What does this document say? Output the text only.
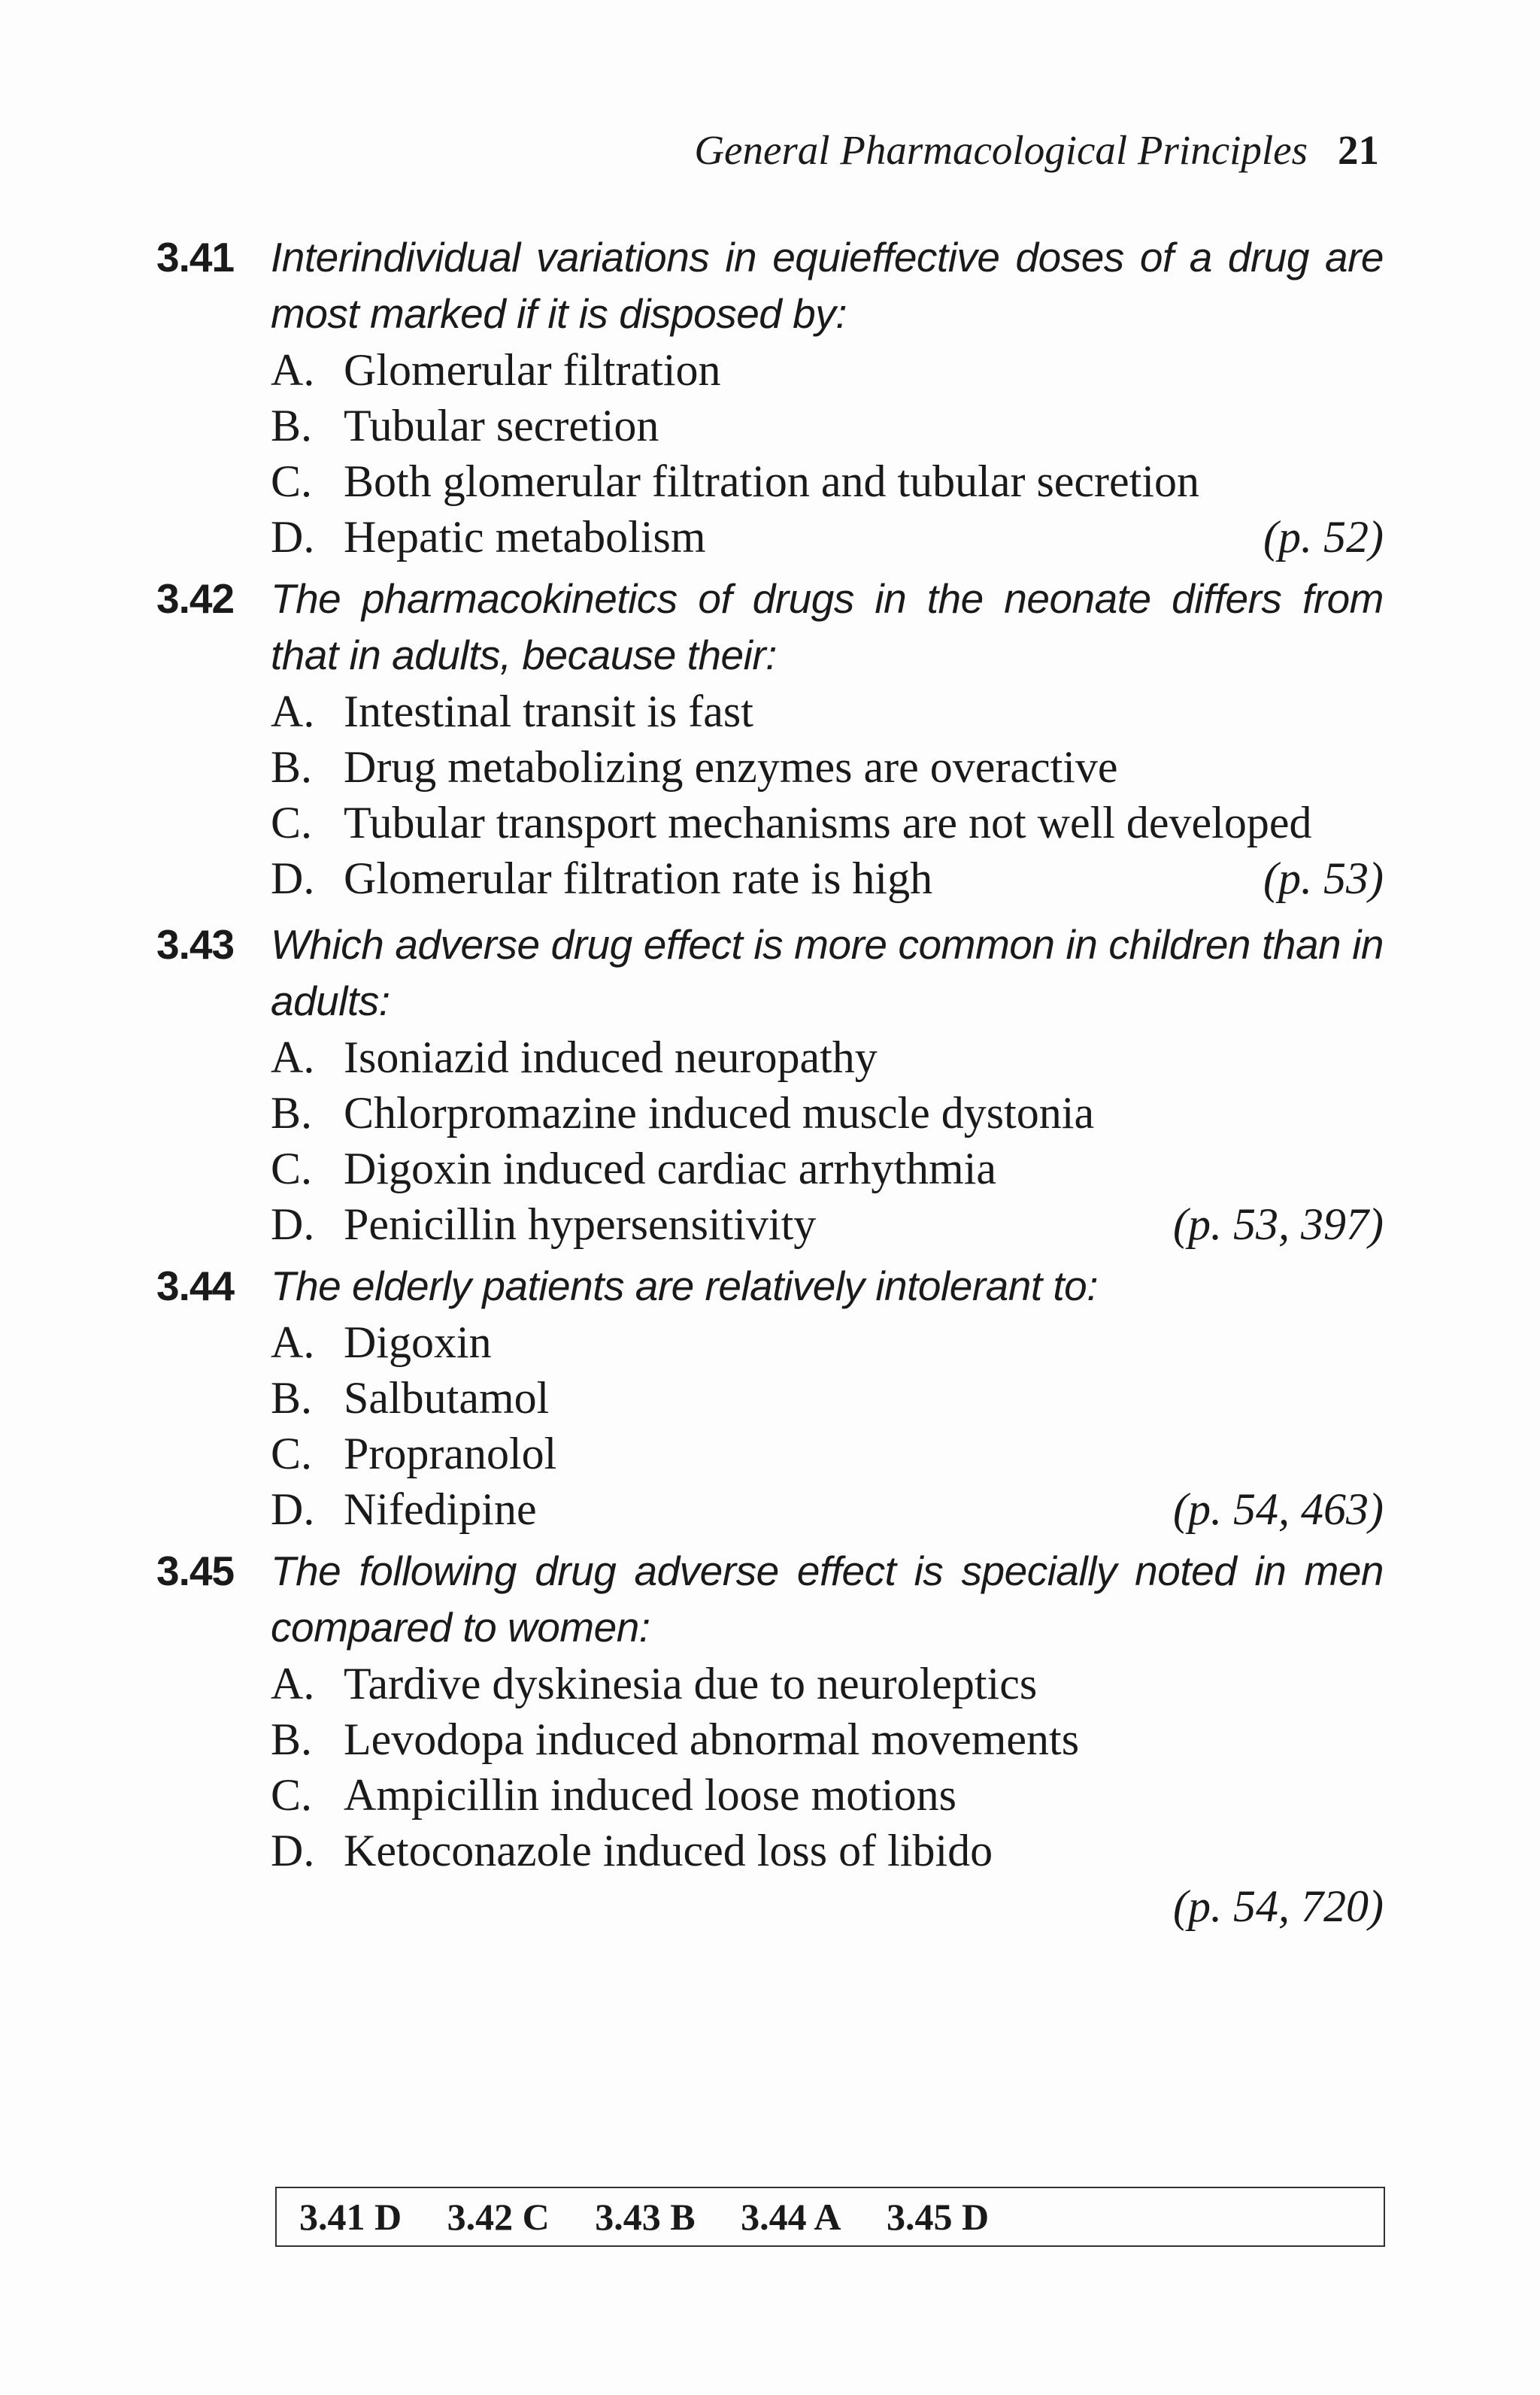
General Pharmacological Principles 21
3.41 Interindividual variations in equieffective doses of a drug are most marked if it is disposed by:
A. Glomerular filtration
B. Tubular secretion
C. Both glomerular filtration and tubular secretion
D. Hepatic metabolism	(p. 52)
3.42 The pharmacokinetics of drugs in the neonate differs from that in adults, because their:
A. Intestinal transit is fast
B. Drug metabolizing enzymes are overactive
C. Tubular transport mechanisms are not well developed
D. Glomerular filtration rate is high	(p. 53)
3.43 Which adverse drug effect is more common in children than in adults:
A. Isoniazid induced neuropathy
B. Chlorpromazine induced muscle dystonia
C. Digoxin induced cardiac arrhythmia
D. Penicillin hypersensitivity	(p. 53, 397)
3.44 The elderly patients are relatively intolerant to:
A. Digoxin
B. Salbutamol
C. Propranolol
D. Nifedipine	(p. 54, 463)
3.45 The following drug adverse effect is specially noted in men compared to women:
A. Tardive dyskinesia due to neuroleptics
B. Levodopa induced abnormal movements
C. Ampicillin induced loose motions
D. Ketoconazole induced loss of libido
(p. 54, 720)
3.41 D 3.42 C 3.43 B 3.44 A 3.45 D
